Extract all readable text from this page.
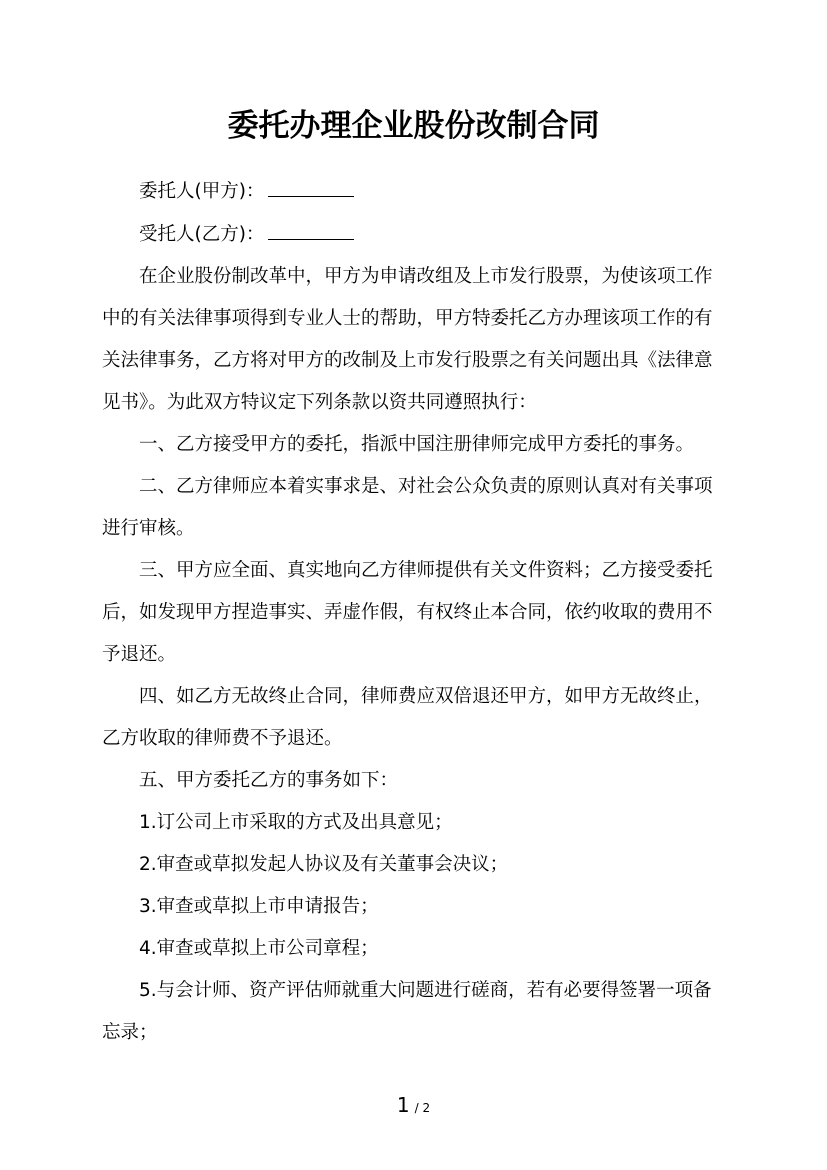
委托办理企业股份改制合同

委托人(甲方)：

受托人(乙方)：

在企业股份制改革中，甲方为申请改组及上市发行股票，为使该项工作中的有关法律事项得到专业人士的帮助，甲方特委托乙方办理该项工作的有关法律事务，乙方将对甲方的改制及上市发行股票之有关问题出具《法律意见书》。为此双方特议定下列条款以资共同遵照执行：

一、乙方接受甲方的委托，指派中国注册律师完成甲方委托的事务。

二、乙方律师应本着实事求是、对社会公众负责的原则认真对有关事项进行审核。

三、甲方应全面、真实地向乙方律师提供有关文件资料；乙方接受委托后，如发现甲方捏造事实、弄虚作假，有权终止本合同，依约收取的费用不予退还。

四、如乙方无故终止合同，律师费应双倍退还甲方，如甲方无故终止，乙方收取的律师费不予退还。

五、甲方委托乙方的事务如下：

1.订公司上市采取的方式及出具意见；

2.审查或草拟发起人协议及有关董事会决议；

3.审查或草拟上市申请报告；

4.审查或草拟上市公司章程；

5.与会计师、资产评估师就重大问题进行磋商，若有必要得签署一项备忘录；

1 / 2
